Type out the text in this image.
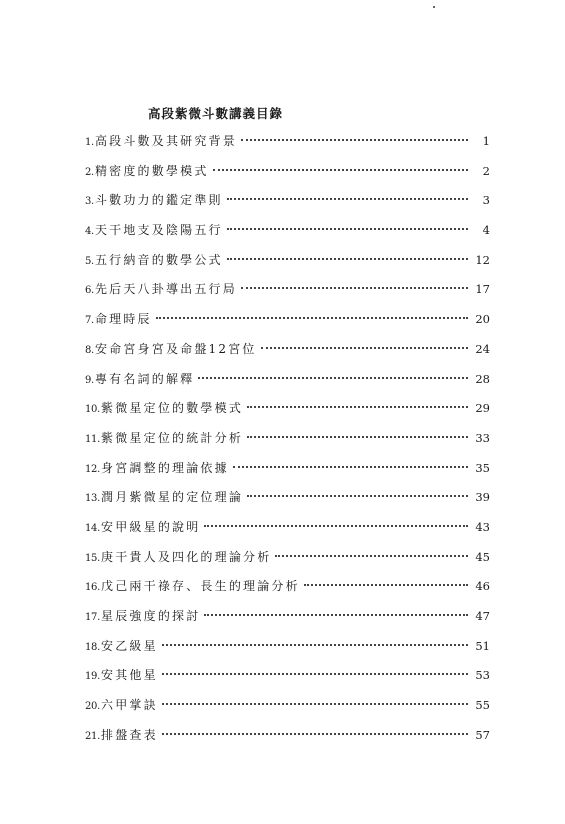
高段紫微斗數講義目錄
1. 高段斗數及其研究背景	1
2. 精密度的數學模式	2
3. 斗數功力的鑑定準則	3
4. 天干地支及陰陽五行	4
5. 五行納音的數學公式	12
6. 先后天八卦導出五行局	17
7. 命理時辰	20
8. 安命宮身宮及命盤12宮位	24
9. 專有名詞的解釋	28
10. 紫微星定位的數學模式	29
11. 紫微星定位的統計分析	33
12. 身宮調整的理論依據	35
13. 潤月紫微星的定位理論	39
14. 安甲級星的說明	43
15. 庚干貴人及四化的理論分析	45
16. 戊己兩干祿存、長生的理論分析	46
17. 星辰強度的探討	47
18. 安乙級星	51
19. 安其他星	53
20. 六甲掌訣	55
21. 排盤查表	57
